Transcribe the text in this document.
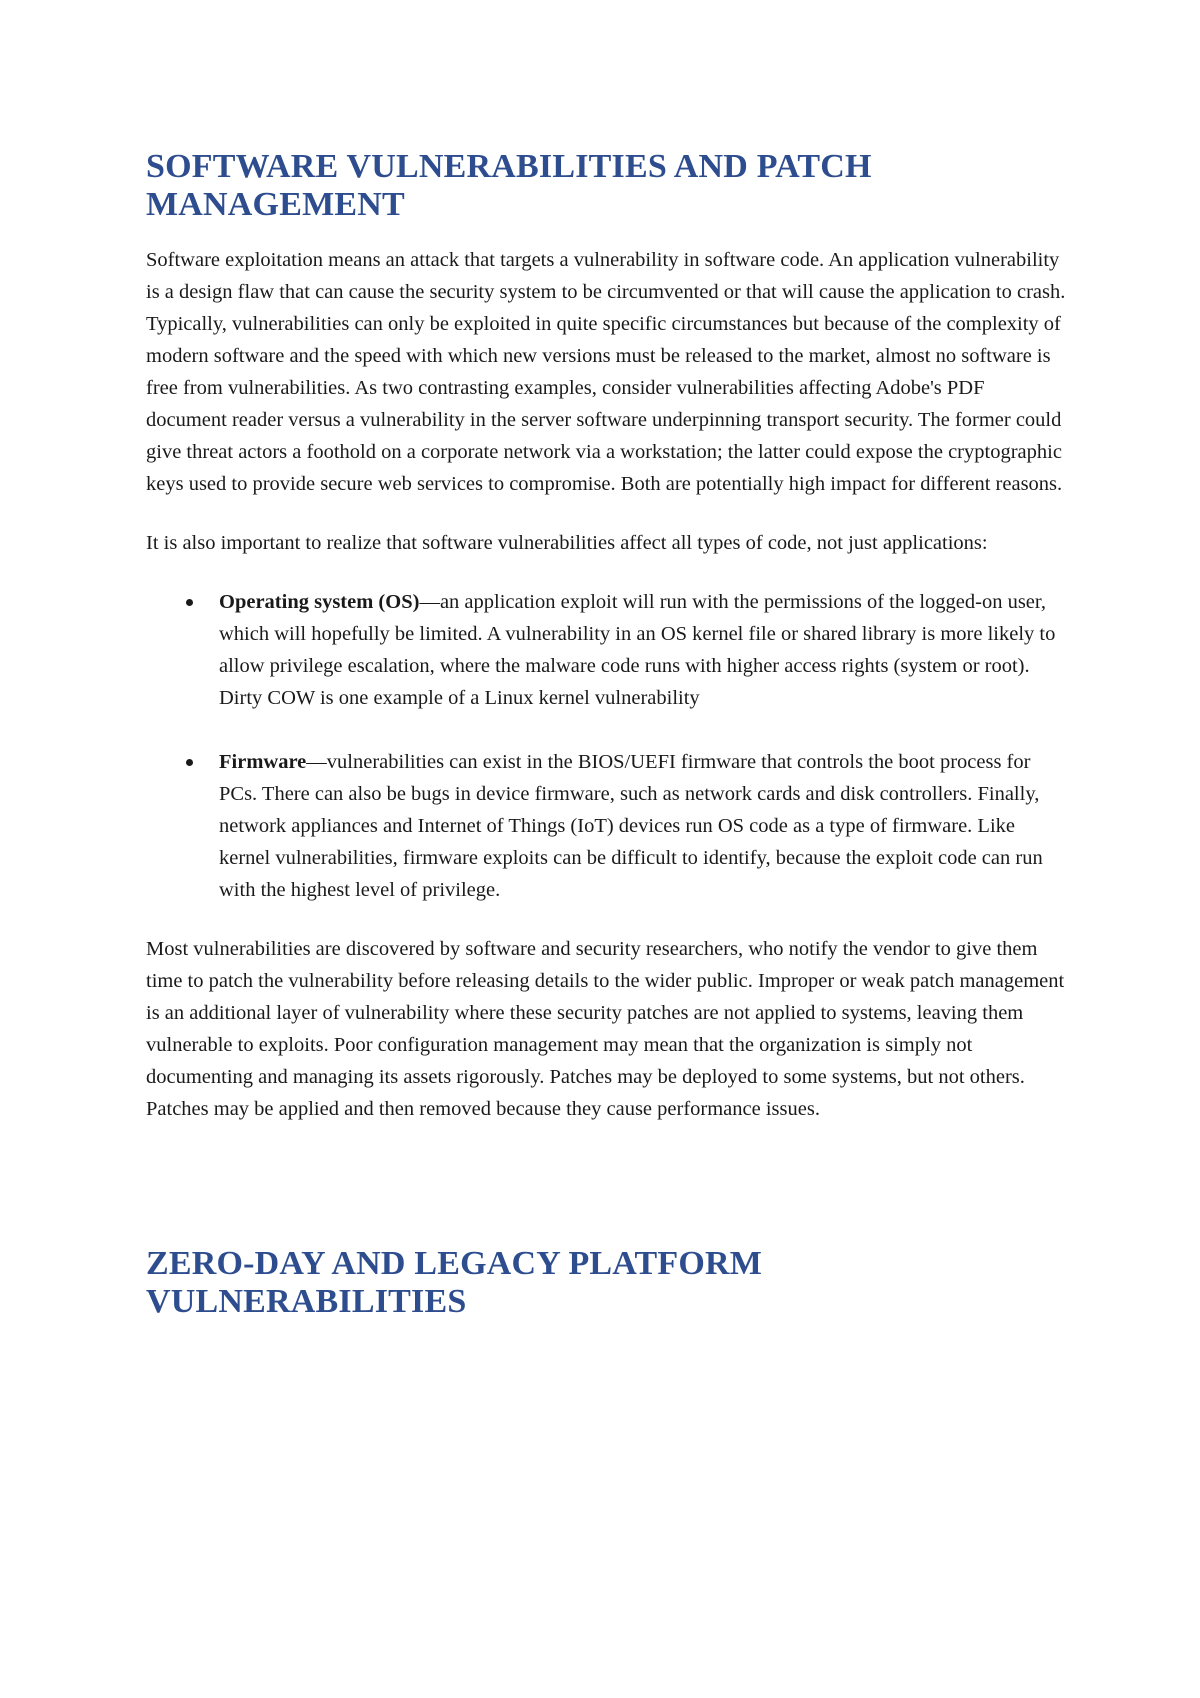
SOFTWARE VULNERABILITIES AND PATCH MANAGEMENT

Software exploitation means an attack that targets a vulnerability in software code. An application vulnerability is a design flaw that can cause the security system to be circumvented or that will cause the application to crash. Typically, vulnerabilities can only be exploited in quite specific circumstances but because of the complexity of modern software and the speed with which new versions must be released to the market, almost no software is free from vulnerabilities. As two contrasting examples, consider vulnerabilities affecting Adobe's PDF document reader versus a vulnerability in the server software underpinning transport security. The former could give threat actors a foothold on a corporate network via a workstation; the latter could expose the cryptographic keys used to provide secure web services to compromise. Both are potentially high impact for different reasons.

It is also important to realize that software vulnerabilities affect all types of code, not just applications:

Operating system (OS)—an application exploit will run with the permissions of the logged-on user, which will hopefully be limited. A vulnerability in an OS kernel file or shared library is more likely to allow privilege escalation, where the malware code runs with higher access rights (system or root). Dirty COW is one example of a Linux kernel vulnerability
Firmware—vulnerabilities can exist in the BIOS/UEFI firmware that controls the boot process for PCs. There can also be bugs in device firmware, such as network cards and disk controllers. Finally, network appliances and Internet of Things (IoT) devices run OS code as a type of firmware. Like kernel vulnerabilities, firmware exploits can be difficult to identify, because the exploit code can run with the highest level of privilege.

Most vulnerabilities are discovered by software and security researchers, who notify the vendor to give them time to patch the vulnerability before releasing details to the wider public. Improper or weak patch management is an additional layer of vulnerability where these security patches are not applied to systems, leaving them vulnerable to exploits. Poor configuration management may mean that the organization is simply not documenting and managing its assets rigorously. Patches may be deployed to some systems, but not others. Patches may be applied and then removed because they cause performance issues.

ZERO-DAY AND LEGACY PLATFORM VULNERABILITIES
